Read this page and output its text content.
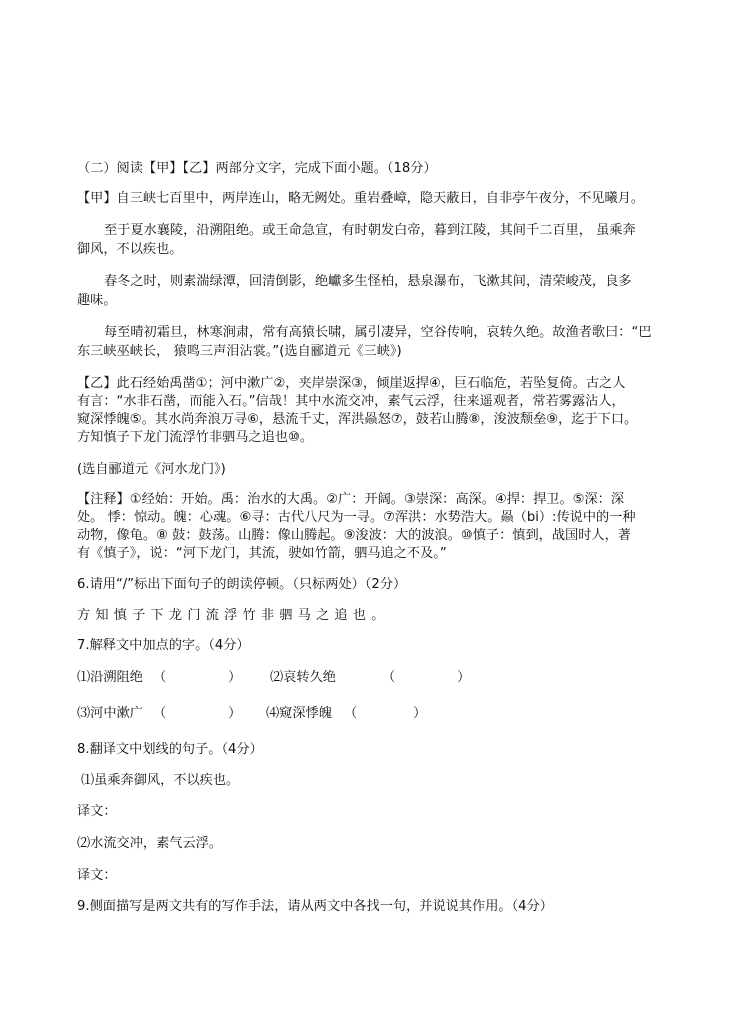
（二）阅读【甲】【乙】两部分文字，完成下面小题。（18分）
【甲】自三峡七百里中，两岸连山，略无阙处。重岩叠嶂，隐天蔽日，自非亭午夜分，不见曦月。
至于夏水襄陵，沿溯阻绝。或王命急宣，有时朝发白帝，暮到江陵，其间千二百里， 虽乘奔
御风，不以疾也。
春冬之时，则素湍绿潭，回清倒影，绝巘多生怪柏，悬泉瀑布，飞漱其间，清荣峻茂，良多
趣味。
每至晴初霜旦，林寒涧肃，常有高猿长啸，属引凄异，空谷传响，哀转久绝。故渔者歌曰：“巴
东三峡巫峡长， 猿鸣三声泪沾裳。”(选自郦道元《三峡》)
【乙】此石经始禹凿①；河中漱广②，夹岸崇深③，倾崖返捍④，巨石临危，若坠复倚。古之人
有言：“水非石凿，而能入石。”信哉！其中水流交冲，素气云浮，往来遥观者，常若雾露沾人，
窥深悸魄⑤。其水尚奔浪万寻⑥，悬流千丈，浑洪赑怒⑦，鼓若山腾⑧，浚波颓垒⑨，迄于下口。
方知慎子下龙门流浮竹非驷马之追也⑩。
(选自郦道元《河水龙门》)
【注释】①经始：开始。禹：治水的大禹。②广：开阔。③崇深：高深。④捍：捍卫。⑤深：深
处。 悸：惊动。魄：心魂。⑥寻：古代八尺为一寻。⑦浑洪：水势浩大。赑（bi）:传说中的一种
动物，像龟。⑧ 鼓：鼓荡。山腾：像山腾起。⑨浚波：大的波浪。⑩慎子：慎到，战国时人，著
有《慎子》，说：“河下龙门，其流，驶如竹箭，驷马追之不及。”
6.请用“/”标出下面句子的朗读停顿。（只标两处）（2分）
方知慎子下龙门流浮竹非驷马之追也。
7.解释文中加点的字。（4分）
⑴沿溯阻绝 （	） ⑵哀转久绝	（	）
⑶河中漱广 （	） ⑷窥深悸魄 （	）
8.翻译文中划线的句子。（4分）
⑴虽乘奔御风，不以疾也。
译文：
⑵水流交冲，素气云浮。
译文：
9.侧面描写是两文共有的写作手法，请从两文中各找一句，并说说其作用。（4分）
